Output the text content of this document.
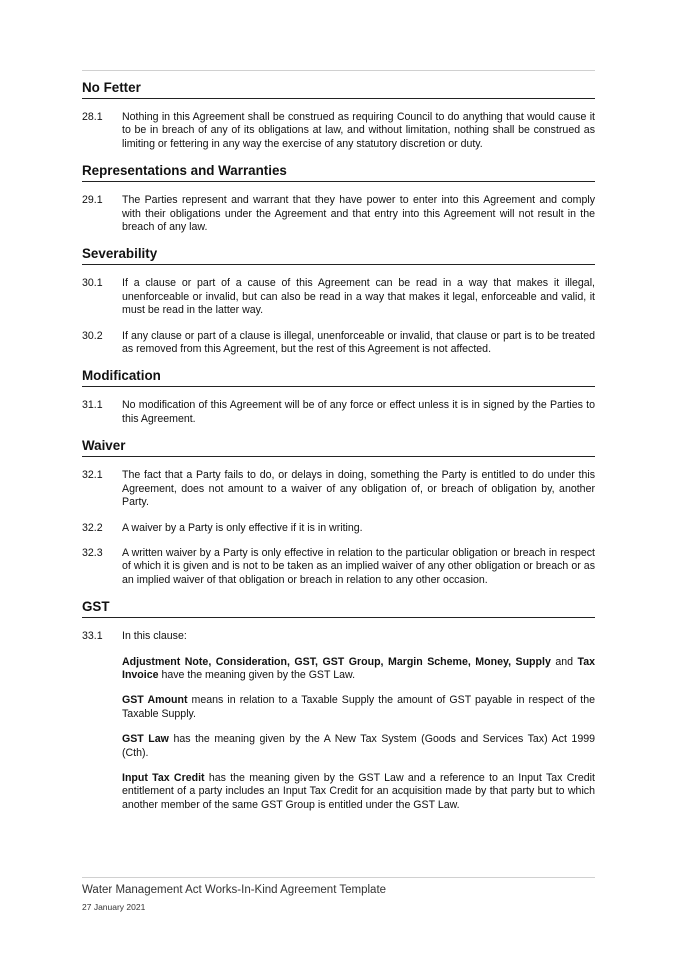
No Fetter
28.1	Nothing in this Agreement shall be construed as requiring Council to do anything that would cause it to be in breach of any of its obligations at law, and without limitation, nothing shall be construed as limiting or fettering in any way the exercise of any statutory discretion or duty.
Representations and Warranties
29.1	The Parties represent and warrant that they have power to enter into this Agreement and comply with their obligations under the Agreement and that entry into this Agreement will not result in the breach of any law.
Severability
30.1	If a clause or part of a cause of this Agreement can be read in a way that makes it illegal, unenforceable or invalid, but can also be read in a way that makes it legal, enforceable and valid, it must be read in the latter way.
30.2	If any clause or part of a clause is illegal, unenforceable or invalid, that clause or part is to be treated as removed from this Agreement, but the rest of this Agreement is not affected.
Modification
31.1	No modification of this Agreement will be of any force or effect unless it is in signed by the Parties to this Agreement.
Waiver
32.1	The fact that a Party fails to do, or delays in doing, something the Party is entitled to do under this Agreement, does not amount to a waiver of any obligation of, or breach of obligation by, another Party.
32.2	A waiver by a Party is only effective if it is in writing.
32.3	A written waiver by a Party is only effective in relation to the particular obligation or breach in respect of which it is given and is not to be taken as an implied waiver of any other obligation or breach or as an implied waiver of that obligation or breach in relation to any other occasion.
GST
33.1	In this clause:

Adjustment Note, Consideration, GST, GST Group, Margin Scheme, Money, Supply and Tax Invoice have the meaning given by the GST Law.

GST Amount means in relation to a Taxable Supply the amount of GST payable in respect of the Taxable Supply.

GST Law has the meaning given by the A New Tax System (Goods and Services Tax) Act 1999 (Cth).

Input Tax Credit has the meaning given by the GST Law and a reference to an Input Tax Credit entitlement of a party includes an Input Tax Credit for an acquisition made by that party but to which another member of the same GST Group is entitled under the GST Law.

Water Management Act Works-In-Kind Agreement Template
27 January 2021
